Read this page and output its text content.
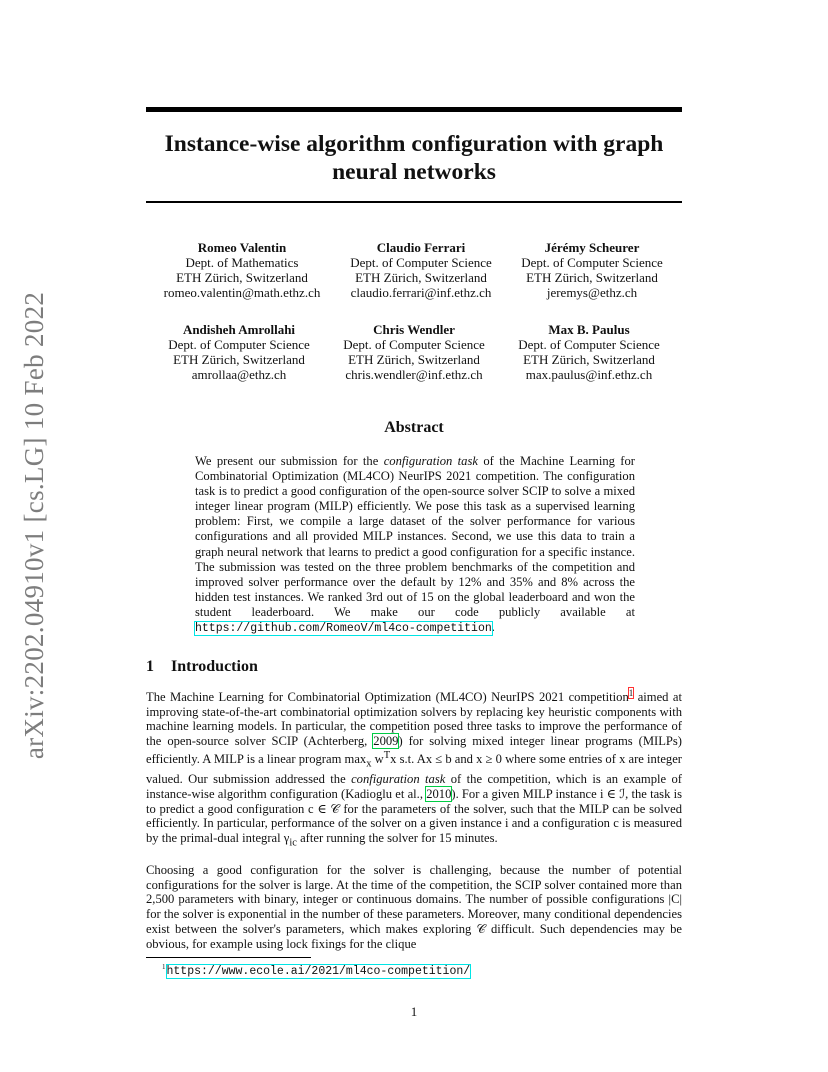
arXiv:2202.04910v1 [cs.LG] 10 Feb 2022
Instance-wise algorithm configuration with graph neural networks
Romeo Valentin
Dept. of Mathematics
ETH Zürich, Switzerland
romeo.valentin@math.ethz.ch
Claudio Ferrari
Dept. of Computer Science
ETH Zürich, Switzerland
claudio.ferrari@inf.ethz.ch
Jérémy Scheurer
Dept. of Computer Science
ETH Zürich, Switzerland
jeremys@ethz.ch
Andisheh Amrollahi
Dept. of Computer Science
ETH Zürich, Switzerland
amrollaa@ethz.ch
Chris Wendler
Dept. of Computer Science
ETH Zürich, Switzerland
chris.wendler@inf.ethz.ch
Max B. Paulus
Dept. of Computer Science
ETH Zürich, Switzerland
max.paulus@inf.ethz.ch
Abstract

We present our submission for the configuration task of the Machine Learning for Combinatorial Optimization (ML4CO) NeurIPS 2021 competition. The configuration task is to predict a good configuration of the open-source solver SCIP to solve a mixed integer linear program (MILP) efficiently. We pose this task as a supervised learning problem: First, we compile a large dataset of the solver performance for various configurations and all provided MILP instances. Second, we use this data to train a graph neural network that learns to predict a good configuration for a specific instance. The submission was tested on the three problem benchmarks of the competition and improved solver performance over the default by 12% and 35% and 8% across the hidden test instances. We ranked 3rd out of 15 on the global leaderboard and won the student leaderboard. We make our code publicly available at https://github.com/RomeoV/ml4co-competition.

1 Introduction

The Machine Learning for Combinatorial Optimization (ML4CO) NeurIPS 2021 competition$^1$ aimed at improving state-of-the-art combinatorial optimization solvers by replacing key heuristic components with machine learning models. In particular, the competition posed three tasks to improve the performance of the open-source solver SCIP (Achterberg, 2009) for solving mixed integer linear programs (MILPs) efficiently. A MILP is a linear program $\max_x w^Tx$ s.t. Ax ≤ b and x ≥ 0 where some entries of x are integer valued. Our submission addressed the configuration task of the competition, which is an example of instance-wise algorithm configuration (Kadioglu et al., 2010). For a given MILP instance i ∈ ℐ, the task is to predict a good configuration c ∈ 𝒞 for the parameters of the solver, such that the MILP can be solved efficiently. In particular, performance of the solver on a given instance i and a configuration c is measured by the primal-dual integral $\gamma_{ic}$ after running the solver for 15 minutes.

Choosing a good configuration for the solver is challenging, because the number of potential configurations for the solver is large. At the time of the competition, the SCIP solver contained more than 2,500 parameters with binary, integer or continuous domains. The number of possible configurations |C| for the solver is exponential in the number of these parameters. Moreover, many conditional dependencies exist between the solver's parameters, which makes exploring 𝒞 difficult. Such dependencies may be obvious, for example using lock fixings for the clique

$^1$https://www.ecole.ai/2021/ml4co-competition/

1
